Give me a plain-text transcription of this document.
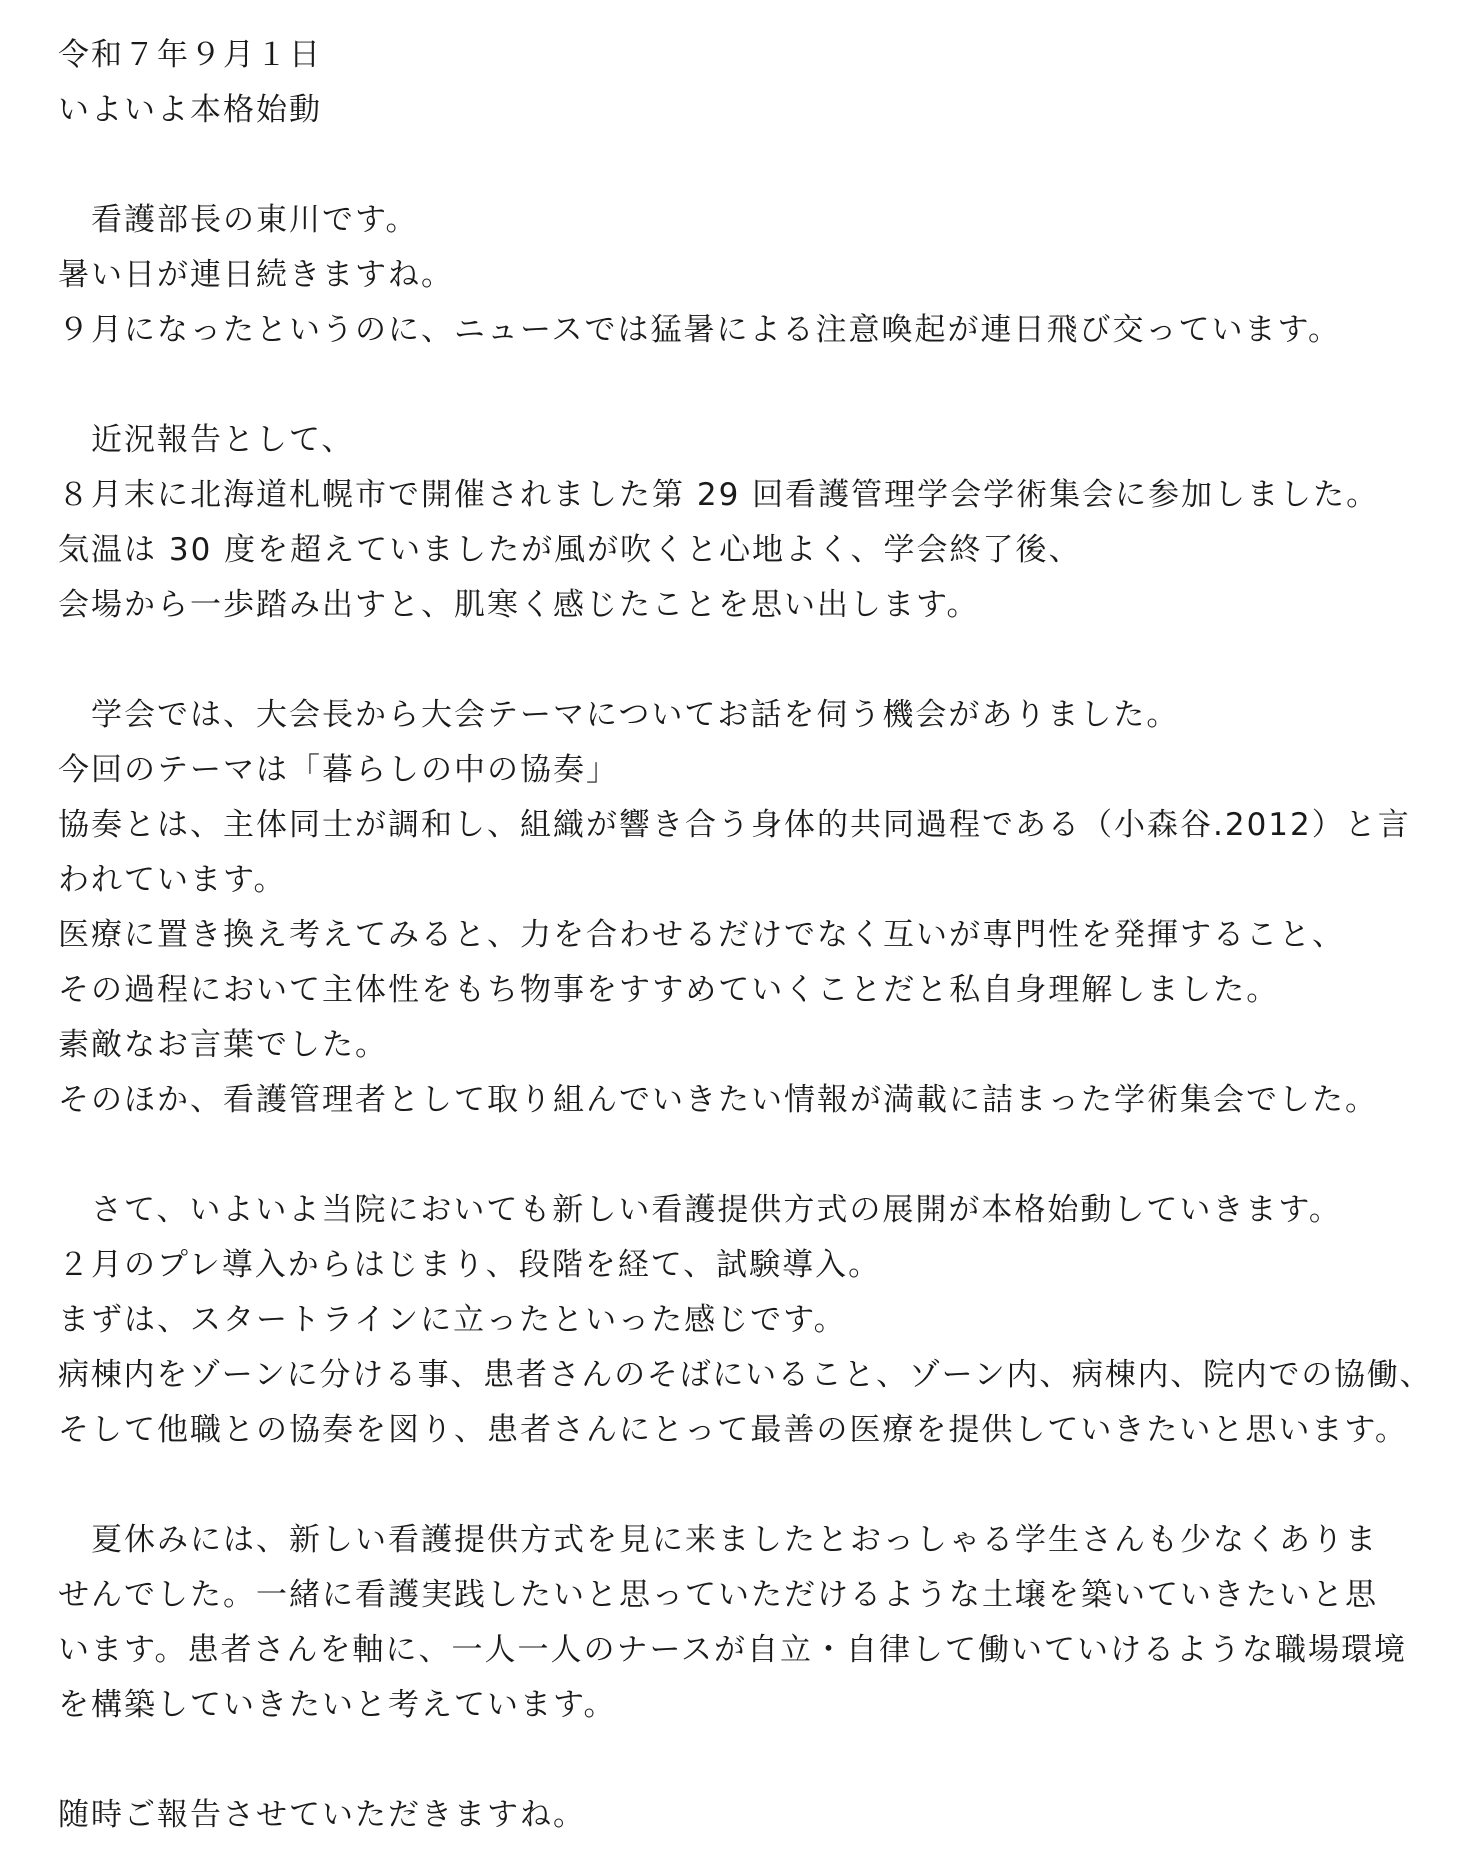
令和７年９月１日
いよいよ本格始動
　看護部長の東川です。
暑い日が連日続きますね。
９月になったというのに、ニュースでは猛暑による注意喚起が連日飛び交っています。
　近況報告として、
８月末に北海道札幌市で開催されました第 29 回看護管理学会学術集会に参加しました。
気温は 30 度を超えていましたが風が吹くと心地よく、学会終了後、
会場から一歩踏み出すと、肌寒く感じたことを思い出します。
　学会では、大会長から大会テーマについてお話を伺う機会がありました。
今回のテーマは「暮らしの中の協奏」
協奏とは、主体同士が調和し、組織が響き合う身体的共同過程である（小森谷.2012）と言
われています。
医療に置き換え考えてみると、力を合わせるだけでなく互いが専門性を発揮すること、
その過程において主体性をもち物事をすすめていくことだと私自身理解しました。
素敵なお言葉でした。
そのほか、看護管理者として取り組んでいきたい情報が満載に詰まった学術集会でした。
　さて、いよいよ当院においても新しい看護提供方式の展開が本格始動していきます。
２月のプレ導入からはじまり、段階を経て、試験導入。
まずは、スタートラインに立ったといった感じです。
病棟内をゾーンに分ける事、患者さんのそばにいること、ゾーン内、病棟内、院内での協働、
そして他職との協奏を図り、患者さんにとって最善の医療を提供していきたいと思います。
　夏休みには、新しい看護提供方式を見に来ましたとおっしゃる学生さんも少なくありま
せんでした。一緒に看護実践したいと思っていただけるような土壌を築いていきたいと思
います。患者さんを軸に、一人一人のナースが自立・自律して働いていけるような職場環境
を構築していきたいと考えています。
随時ご報告させていただきますね。
